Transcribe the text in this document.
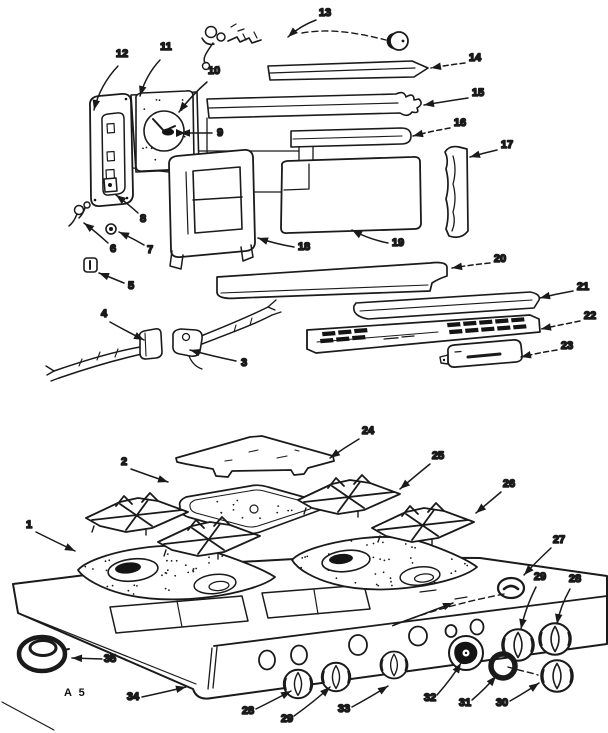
12
11
10
13
9
14
15
16
17
8
6	7
5
4
3
18	19
20
21
22
23
24
2	25
26
1
27
28
29
30
31
32
33
29
28
34
35
A 5
